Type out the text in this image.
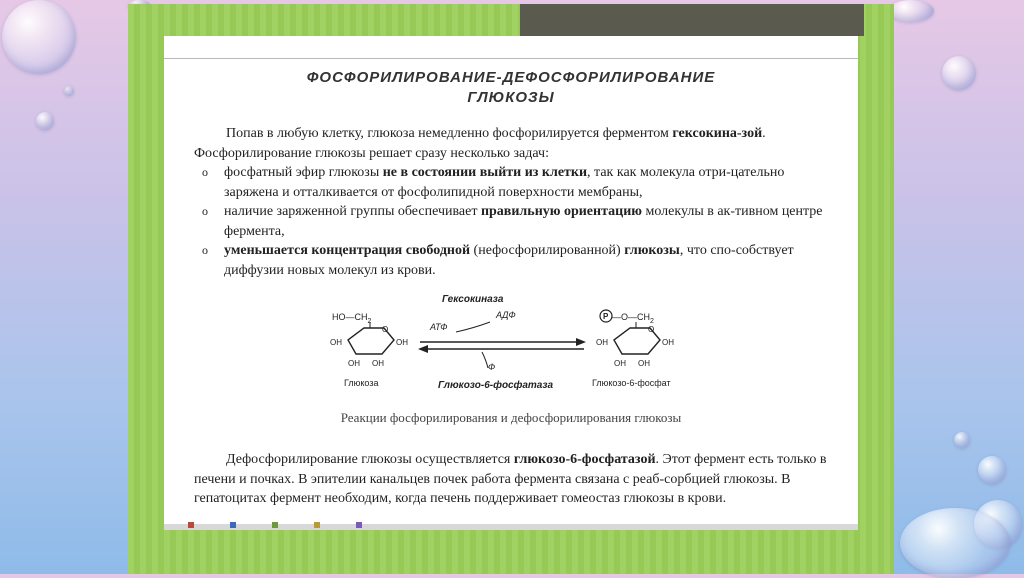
ФОСФОРИЛИРОВАНИЕ-ДЕФОСФОРИЛИРОВАНИЕ
ГЛЮКОЗЫ
Попав в любую клетку, глюкоза немедленно фосфорилируется ферментом гексокина-зой. Фосфорилирование глюкозы решает сразу несколько задач:
o фосфатный эфир глюкозы не в состоянии выйти из клетки, так как молекула отри-цательно заряжена и отталкивается от фосфолипидной поверхности мембраны,
o наличие заряженной группы обеспечивает правильную ориентацию молекулы в ак-тивном центре фермента,
o уменьшается концентрация свободной (нефосфорилированной) глюкозы, что спо-собствует диффузии новых молекул из крови.
$HO—CH_2$
O
OH	OH
OH OH
Глюкоза
Гексокиназа
АТФ
АДФ
Ф
Глюкозо-6-фосфатаза
P $—O—CH_2$
O
OH	OH
OH OH
Глюкозо-6-фосфат
Реакции фосфорилирования и дефосфорилирования глюкозы
Дефосфорилирование глюкозы осуществляется глюкозо-6-фосфатазой. Этот фермент есть только в печени и почках. В эпителии канальцев почек работа фермента связана с реаб-сорбцией глюкозы. В гепатоцитах фермент необходим, когда печень поддерживает гомеостаз глюкозы в крови.
